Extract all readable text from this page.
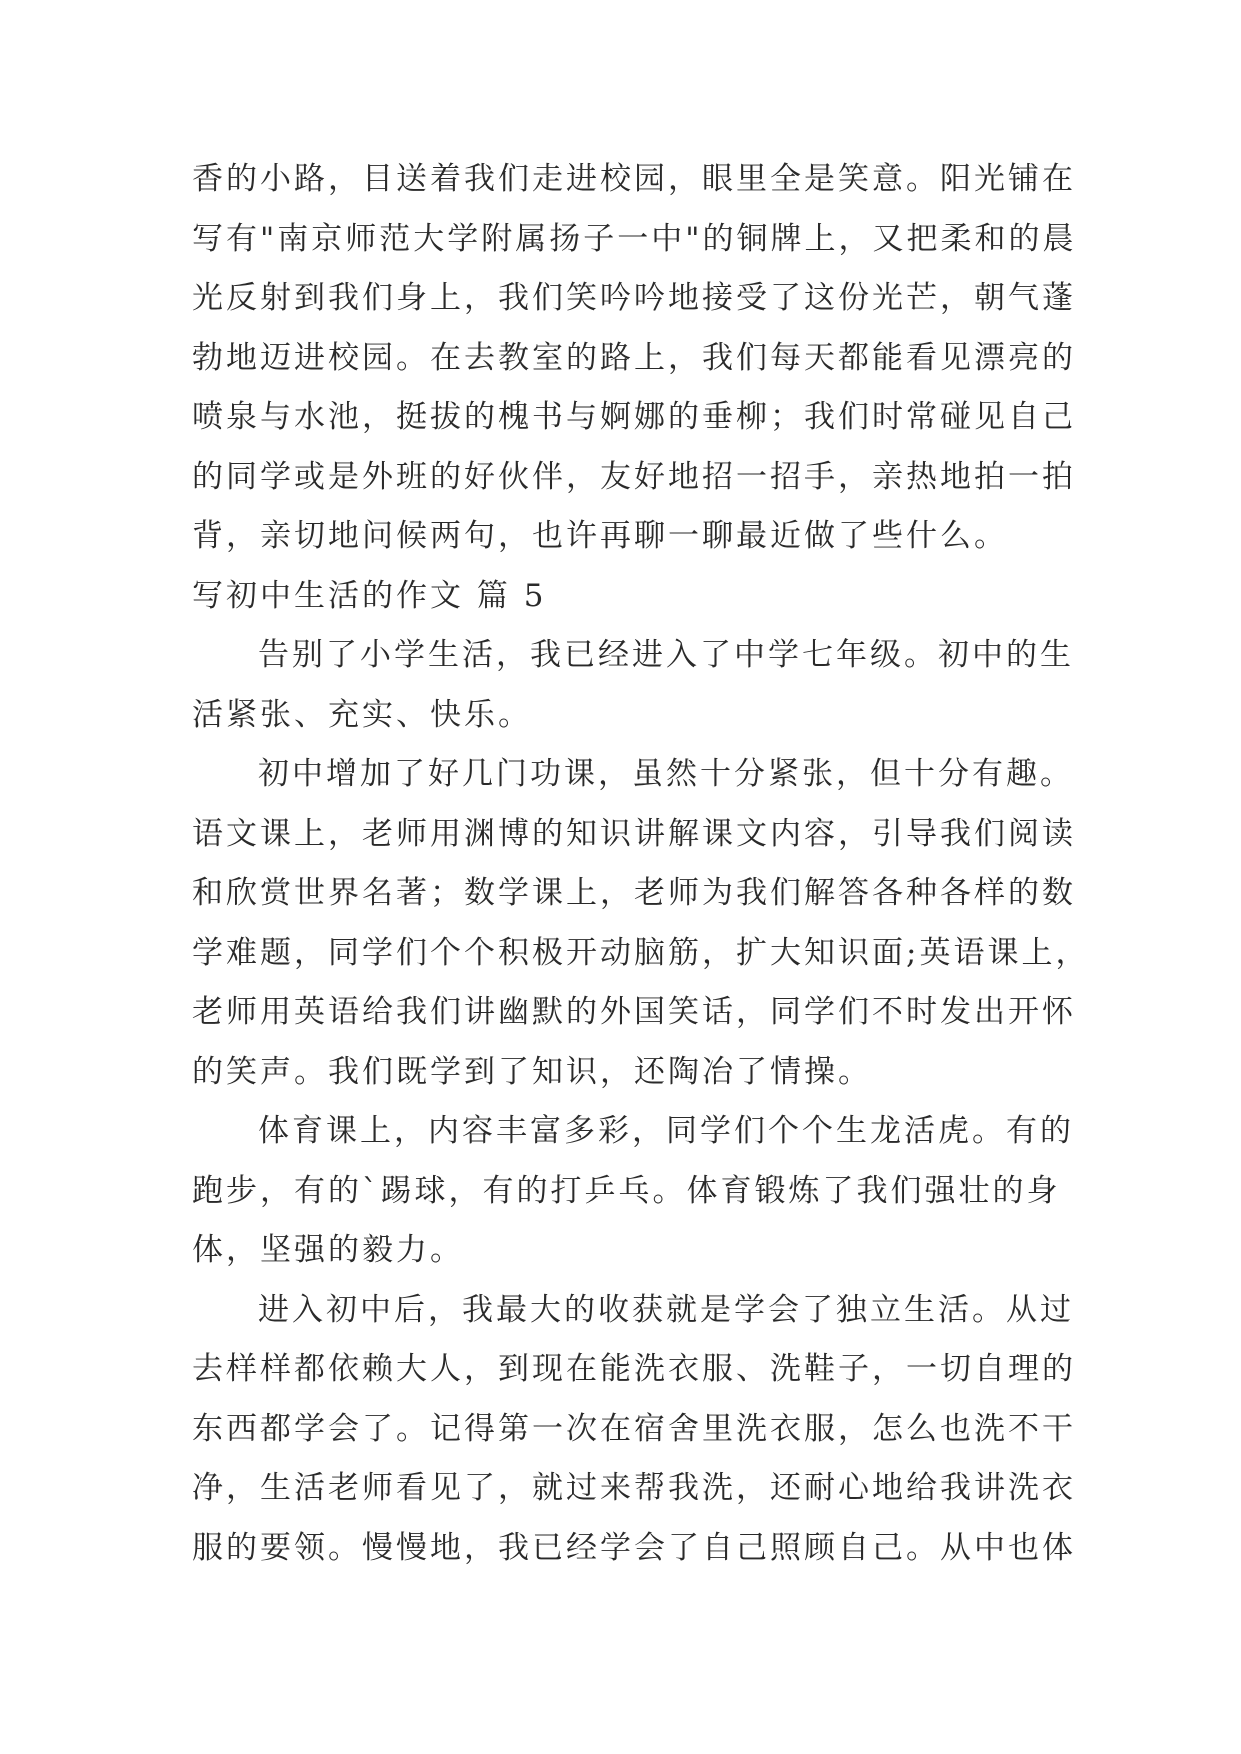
香的小路，目送着我们走进校园，眼里全是笑意。阳光铺在
写有"南京师范大学附属扬子一中"的铜牌上，又把柔和的晨
光反射到我们身上，我们笑吟吟地接受了这份光芒，朝气蓬
勃地迈进校园。在去教室的路上，我们每天都能看见漂亮的
喷泉与水池，挺拔的槐书与婀娜的垂柳；我们时常碰见自己
的同学或是外班的好伙伴，友好地招一招手，亲热地拍一拍
背，亲切地问候两句，也许再聊一聊最近做了些什么。
写初中生活的作文 篇 5
告别了小学生活，我已经进入了中学七年级。初中的生
活紧张、充实、快乐。
初中增加了好几门功课，虽然十分紧张，但十分有趣。
语文课上，老师用渊博的知识讲解课文内容，引导我们阅读
和欣赏世界名著；数学课上，老师为我们解答各种各样的数
学难题，同学们个个积极开动脑筋，扩大知识面;英语课上，
老师用英语给我们讲幽默的外国笑话，同学们不时发出开怀
的笑声。我们既学到了知识，还陶冶了情操。
体育课上，内容丰富多彩，同学们个个生龙活虎。有的
跑步，有的`踢球，有的打乒乓。体育锻炼了我们强壮的身
体，坚强的毅力。
进入初中后，我最大的收获就是学会了独立生活。从过
去样样都依赖大人，到现在能洗衣服、洗鞋子，一切自理的
东西都学会了。记得第一次在宿舍里洗衣服，怎么也洗不干
净，生活老师看见了，就过来帮我洗，还耐心地给我讲洗衣
服的要领。慢慢地，我已经学会了自己照顾自己。从中也体
